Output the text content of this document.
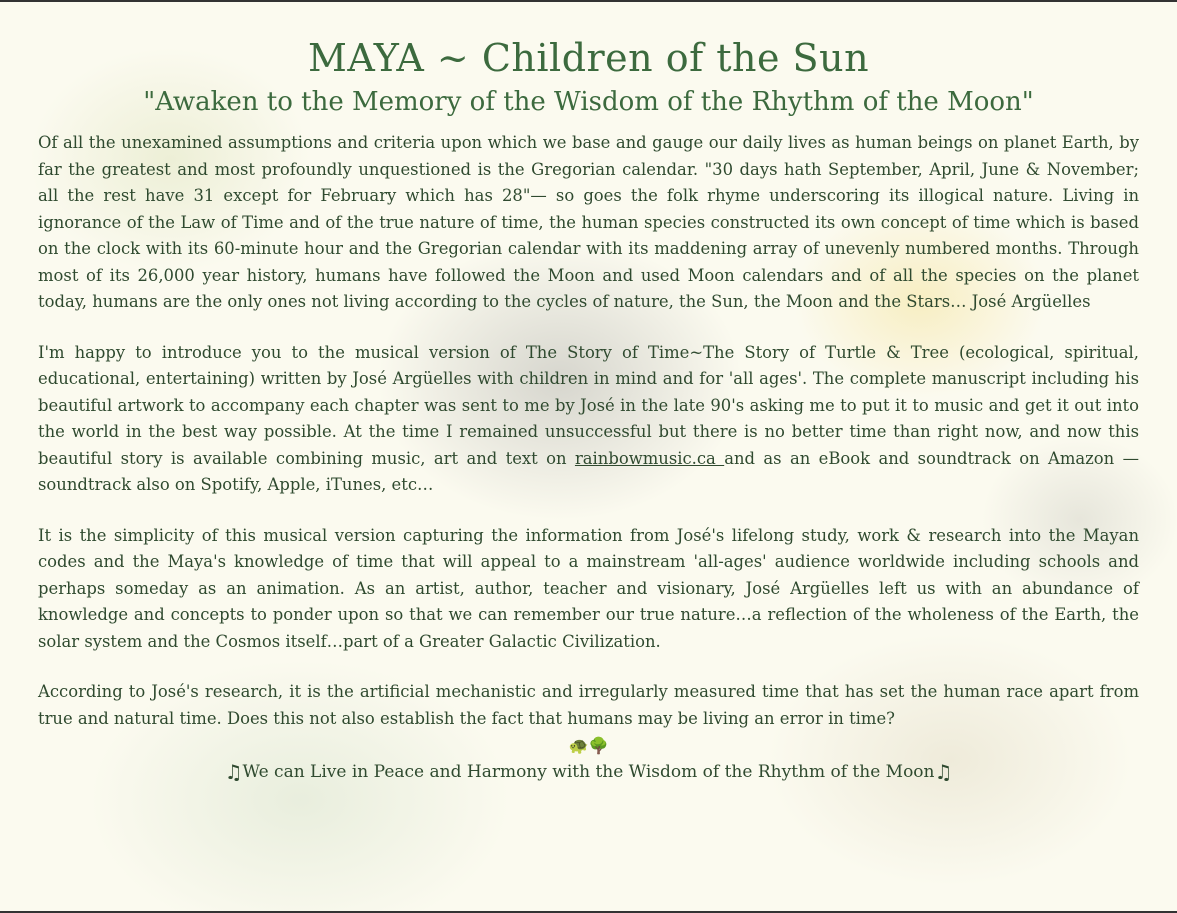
MAYA ~ Children of the Sun
"Awaken to the Memory of the Wisdom of the Rhythm of the Moon"

Of all the unexamined assumptions and criteria upon which we base and gauge our daily lives as human beings on planet Earth, by far the greatest and most profoundly unquestioned is the Gregorian calendar. "30 days hath September, April, June & November; all the rest have 31 except for February which has 28"— so goes the folk rhyme underscoring its illogical nature. Living in ignorance of the Law of Time and of the true nature of time, the human species constructed its own concept of time which is based on the clock with its 60-minute hour and the Gregorian calendar with its maddening array of unevenly numbered months. Through most of its 26,000 year history, humans have followed the Moon and used Moon calendars and of all the species on the planet today, humans are the only ones not living according to the cycles of nature, the Sun, the Moon and the Stars… José Argüelles

I'm happy to introduce you to the musical version of The Story of Time~The Story of Turtle & Tree (ecological, spiritual, educational, entertaining) written by José Argüelles with children in mind and for 'all ages'. The complete manuscript including his beautiful artwork to accompany each chapter was sent to me by José in the late 90's asking me to put it to music and get it out into the world in the best way possible. At the time I remained unsuccessful but there is no better time than right now, and now this beautiful story is available combining music, art and text on rainbowmusic.ca and as an eBook and soundtrack on Amazon — soundtrack also on Spotify, Apple, iTunes, etc…

It is the simplicity of this musical version capturing the information from José's lifelong study, work & research into the Mayan codes and the Maya's knowledge of time that will appeal to a mainstream 'all-ages' audience worldwide including schools and perhaps someday as an animation. As an artist, author, teacher and visionary, José Argüelles left us with an abundance of knowledge and concepts to ponder upon so that we can remember our true nature…a reflection of the wholeness of the Earth, the solar system and the Cosmos itself…part of a Greater Galactic Civilization.

According to José's research, it is the artificial mechanistic and irregularly measured time that has set the human race apart from true and natural time. Does this not also establish the fact that humans may be living an error in time?

🐢🌳
♫We can Live in Peace and Harmony with the Wisdom of the Rhythm of the Moon♫
